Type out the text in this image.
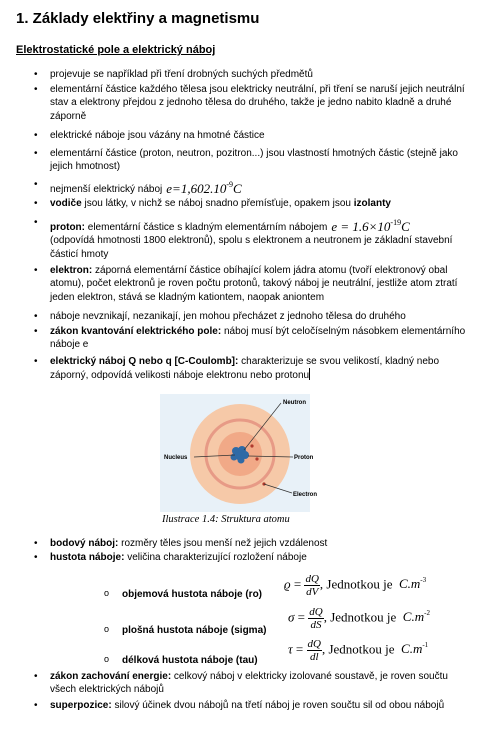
1. Základy elektřiny a magnetismu

Elektrostatické pole a elektrický náboj

• projevuje se například při tření drobných suchých předmětů
• elementární částice každého tělesa jsou elektricky neutrální, při tření se naruší jejich neutrální stav a elektrony přejdou z jednoho tělesa do druhého, takže je jedno nabito kladně a druhé záporně
• elektrické náboje jsou vázány na hmotné částice
• elementární částice (proton, neutron, pozitron...) jsou vlastností hmotných částic (stejně jako jejich hmotnost)
• nejmenší elektrický náboj $e=1,602.10^{-9}C$
• vodiče jsou látky, v nichž se náboj snadno přemísťuje, opakem jsou izolanty
• proton: elementární částice s kladným elementárním nábojem $e = 1.6\times 10^{-19}C$
(odpovídá hmotnosti 1800 elektronů), spolu s elektronem a neutronem je základní stavební částicí hmoty
• elektron: záporná elementární částice obíhající kolem jádra atomu (tvoří elektronový obal atomu), počet elektronů je roven počtu protonů, takový náboj je neutrální, jestliže atom ztratí jeden elektron, stává se kladným kationtem, naopak aniontem
• náboje nevznikají, nezanikají, jen mohou přecházet z jednoho tělesa do druhého
• zákon kvantování elektrického pole: náboj musí být celočíselným násobkem elementárního náboje e
• elektrický náboj Q nebo q [C-Coulomb]: charakterizuje se svou velikostí, kladný nebo záporný, odpovídá velikosti náboje elektronu nebo protonu
Neutron
Nucleus	Proton
Electron
Ilustrace 1.4: Struktura atomu
• bodový náboj: rozměry těles jsou menší než jejich vzdálenost
• hustota náboje: veličina charakterizující rozložení náboje
o objemová hustota náboje (ro)
$ϱ = \frac{dQ}{dV}$ , Jednotkou je $C.m^{-3}$
o plošná hustota náboje (sigma)
$\sigma = \frac{dQ}{dS}$ , Jednotkou je $C.m^{-2}$
o délková hustota náboje (tau)
$\tau = \frac{dQ}{dl}$ , Jednotkou je $C.m^{-1}$
• zákon zachování energie: celkový náboj v elektricky izolované soustavě, je roven součtu všech elektrických nábojů
• superpozice: silový účinek dvou nábojů na třetí náboj je roven součtu sil od obou nábojů
